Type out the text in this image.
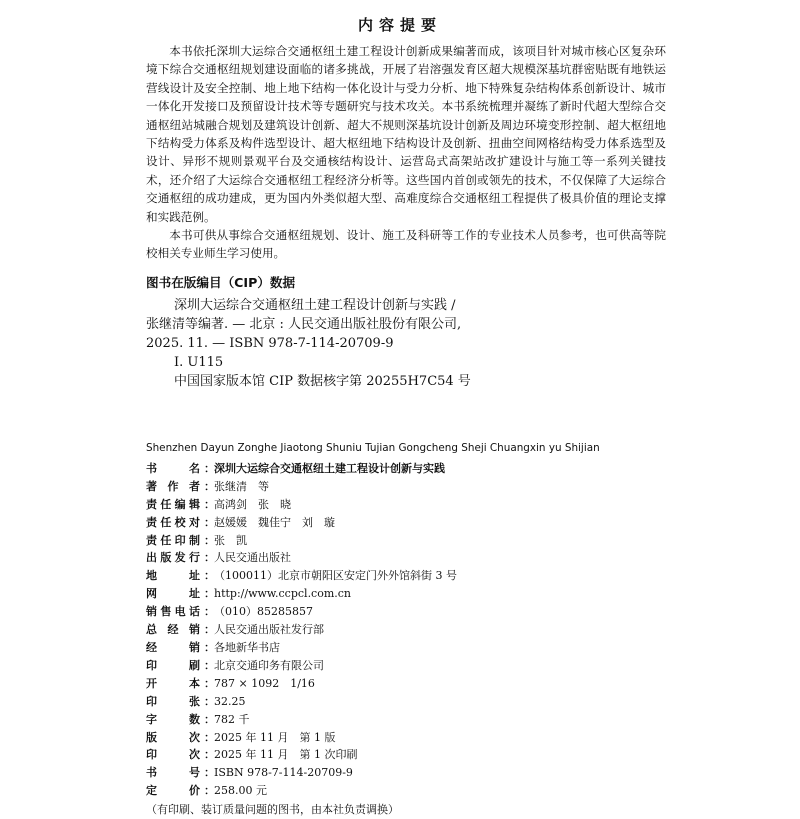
内容提要

本书依托深圳大运综合交通枢纽土建工程设计创新成果编著而成，该项目针对城市核心区复杂环境下综合交通枢纽规划建设面临的诸多挑战，开展了岩溶强发育区超大规模深基坑群密贴既有地铁运营线设计及安全控制、地上地下结构一体化设计与受力分析、地下特殊复杂结构体系创新设计、城市一体化开发接口及预留设计技术等专题研究与技术攻关。本书系统梳理并凝练了新时代超大型综合交通枢纽站城融合规划及建筑设计创新、超大不规则深基坑设计创新及周边环境变形控制、超大枢纽地下结构受力体系及构件选型设计、超大枢纽地下结构设计及创新、扭曲空间网格结构受力体系选型及设计、异形不规则景观平台及交通核结构设计、运营岛式高架站改扩建设计与施工等一系列关键技术，还介绍了大运综合交通枢纽工程经济分析等。这些国内首创或领先的技术，不仅保障了大运综合交通枢纽的成功建成，更为国内外类似超大型、高难度综合交通枢纽工程提供了极具价值的理论支撑和实践范例。

本书可供从事综合交通枢纽规划、设计、施工及科研等工作的专业技术人员参考，也可供高等院校相关专业师生学习使用。

图书在版编目（CIP）数据
深圳大运综合交通枢纽土建工程设计创新与实践 /
张继清等编著. — 北京 : 人民交通出版社股份有限公司,
2025. 11. — ISBN 978-7-114-20709-9
Ⅰ. U115
中国国家版本馆 CIP 数据核字第 20255H7C54 号
Shenzhen Dayun Zonghe Jiaotong Shuniu Tujian Gongcheng Sheji Chuangxin yu Shijian
书名 ： 深圳大运综合交通枢纽土建工程设计创新与实践
著作者 ： 张继清　等
责任编辑 ： 高鸿剑　张　晓
责任校对 ： 赵媛媛　魏佳宁　刘　璇
责任印制 ： 张　凯
出版发行 ： 人民交通出版社
地址 ： （100011）北京市朝阳区安定门外外馆斜街 3 号
网址 ： http://www.ccpcl.com.cn
销售电话 ： （010）85285857
总经销 ： 人民交通出版社发行部
经销 ： 各地新华书店
印刷 ： 北京交通印务有限公司
开本 ： 787 × 1092　1/16
印张 ： 32.25
字数 ： 782 千
版次 ： 2025 年 11 月　第 1 版
印次 ： 2025 年 11 月　第 1 次印刷
书号 ： ISBN 978-7-114-20709-9
定价 ： 258.00 元
（有印刷、装订质量问题的图书，由本社负责调换）
